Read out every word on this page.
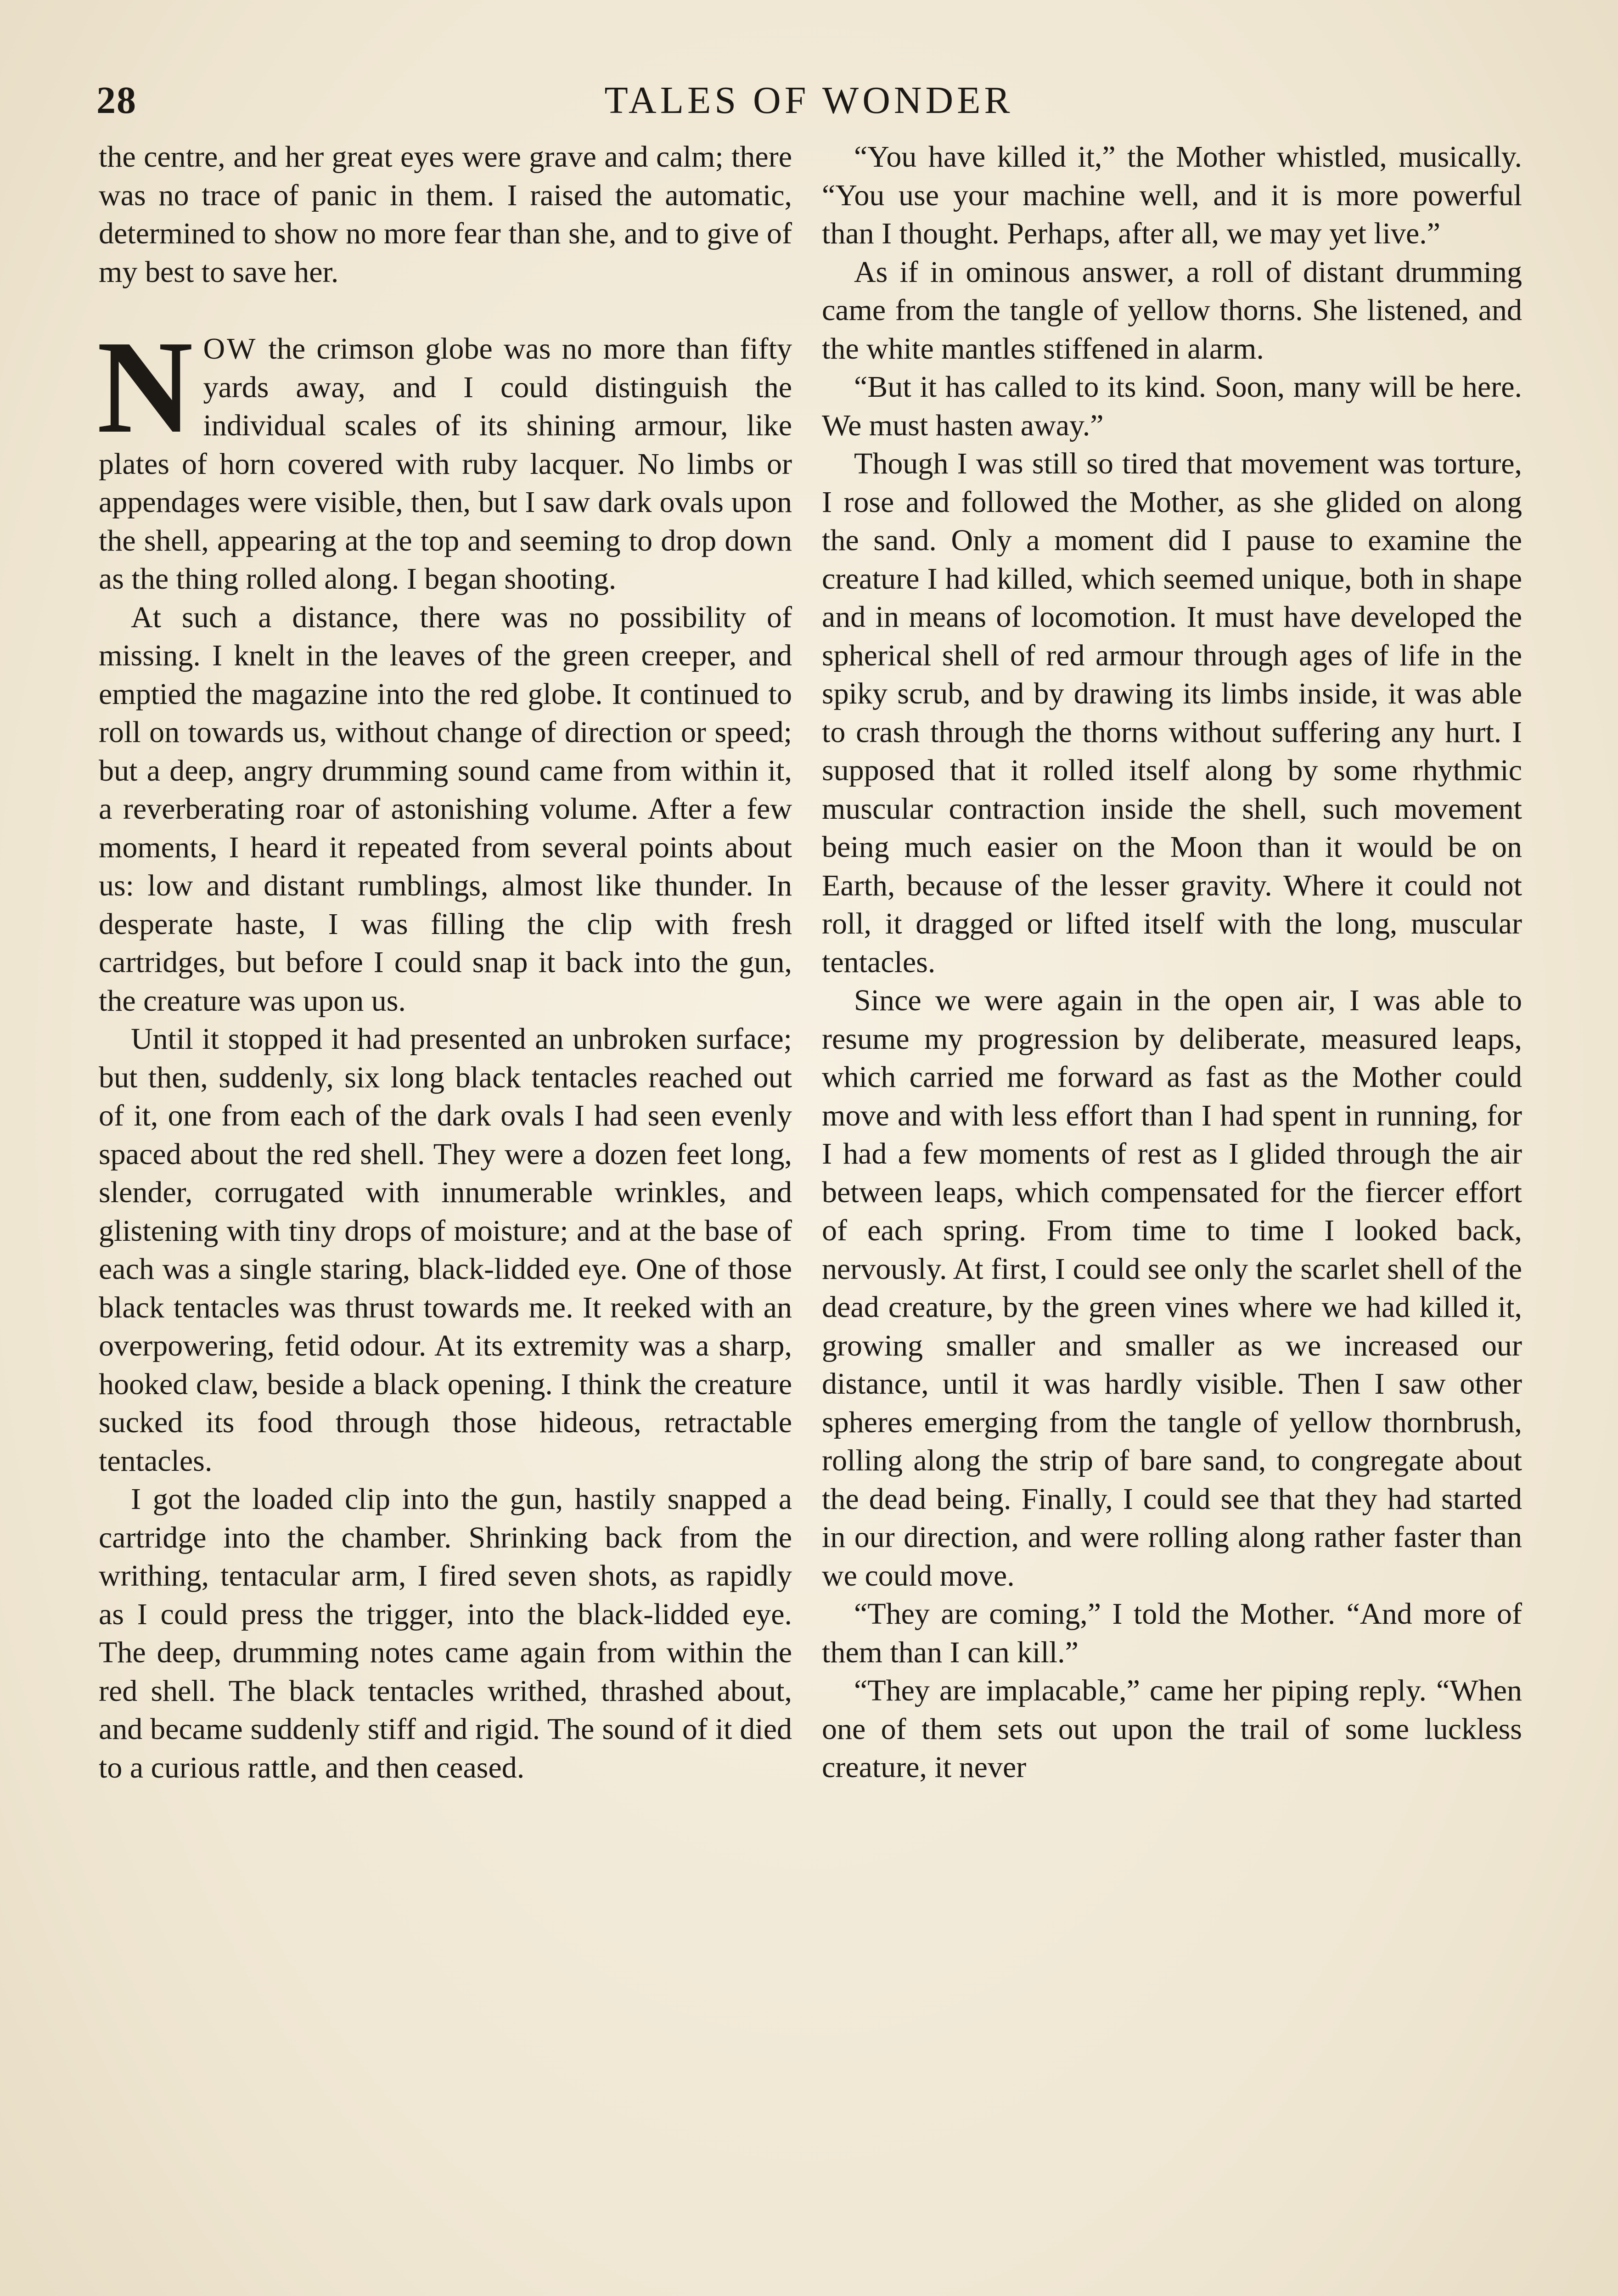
28	TALES OF WONDER

the centre, and her great eyes were grave and calm; there was no trace of panic in them. I raised the automatic, determined to show no more fear than she, and to give of my best to save her.

NOW the crimson globe was no more than fifty yards away, and I could distinguish the individual scales of its shining armour, like plates of horn covered with ruby lacquer. No limbs or appendages were visible, then, but I saw dark ovals upon the shell, appearing at the top and seeming to drop down as the thing rolled along. I began shooting.

At such a distance, there was no possibility of missing. I knelt in the leaves of the green creeper, and emptied the magazine into the red globe. It continued to roll on towards us, without change of direction or speed; but a deep, angry drumming sound came from within it, a reverberating roar of astonishing volume. After a few moments, I heard it repeated from several points about us: low and distant rumblings, almost like thunder. In desperate haste, I was filling the clip with fresh cartridges, but before I could snap it back into the gun, the creature was upon us.

Until it stopped it had presented an unbroken surface; but then, suddenly, six long black tentacles reached out of it, one from each of the dark ovals I had seen evenly spaced about the red shell. They were a dozen feet long, slender, corrugated with innumerable wrinkles, and glistening with tiny drops of moisture; and at the base of each was a single staring, black-lidded eye. One of those black tentacles was thrust towards me. It reeked with an overpowering, fetid odour. At its extremity was a sharp, hooked claw, beside a black opening. I think the creature sucked its food through those hideous, retractable tentacles.

I got the loaded clip into the gun, hastily snapped a cartridge into the chamber. Shrinking back from the writhing, tentacular arm, I fired seven shots, as rapidly as I could press the trigger, into the black-lidded eye. The deep, drumming notes came again from within the red shell. The black tentacles writhed, thrashed about, and became suddenly stiff and rigid. The sound of it died to a curious rattle, and then ceased.

“You have killed it,” the Mother whistled, musically. “You use your machine well, and it is more powerful than I thought. Perhaps, after all, we may yet live.”

As if in ominous answer, a roll of distant drumming came from the tangle of yellow thorns. She listened, and the white mantles stiffened in alarm.

“But it has called to its kind. Soon, many will be here. We must hasten away.”

Though I was still so tired that movement was torture, I rose and followed the Mother, as she glided on along the sand. Only a moment did I pause to examine the creature I had killed, which seemed unique, both in shape and in means of locomotion. It must have developed the spherical shell of red armour through ages of life in the spiky scrub, and by drawing its limbs inside, it was able to crash through the thorns without suffering any hurt. I supposed that it rolled itself along by some rhythmic muscular contraction inside the shell, such movement being much easier on the Moon than it would be on Earth, because of the lesser gravity. Where it could not roll, it dragged or lifted itself with the long, muscular tentacles.

Since we were again in the open air, I was able to resume my progression by deliberate, measured leaps, which carried me forward as fast as the Mother could move and with less effort than I had spent in running, for I had a few moments of rest as I glided through the air between leaps, which compensated for the fiercer effort of each spring. From time to time I looked back, nervously. At first, I could see only the scarlet shell of the dead creature, by the green vines where we had killed it, growing smaller and smaller as we increased our distance, until it was hardly visible. Then I saw other spheres emerging from the tangle of yellow thornbrush, rolling along the strip of bare sand, to congregate about the dead being. Finally, I could see that they had started in our direction, and were rolling along rather faster than we could move.

“They are coming,” I told the Mother. “And more of them than I can kill.”

“They are implacable,” came her piping reply. “When one of them sets out upon the trail of some luckless creature, it never
